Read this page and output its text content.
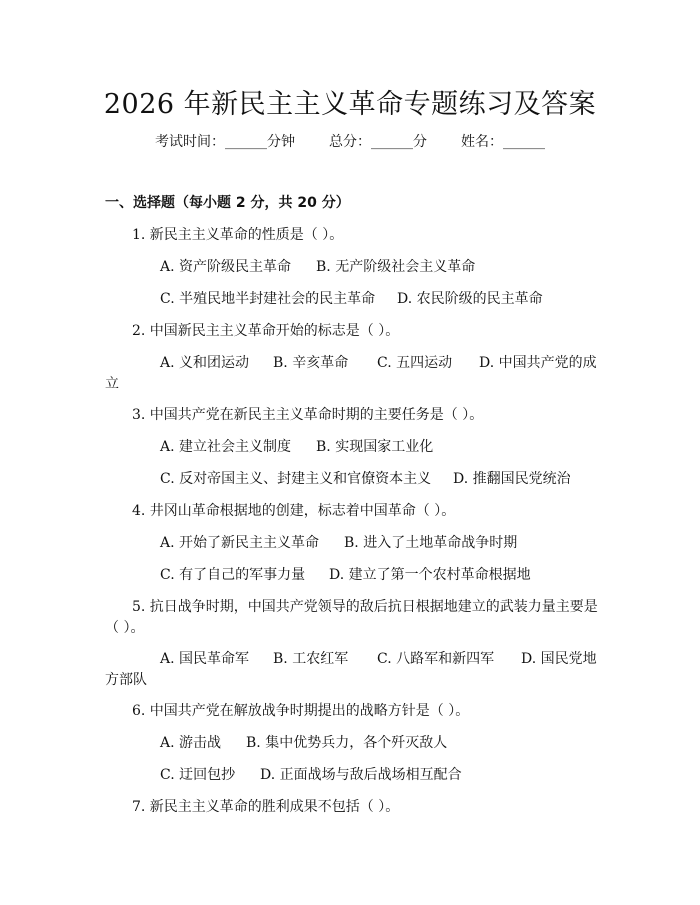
2026 年新民主主义革命专题练习及答案
考试时间：______分钟 总分：______分 姓名：______
一、选择题（每小题 2 分，共 20 分）
1. 新民主主义革命的性质是（ ）。
A. 资产阶级民主革命 B. 无产阶级社会主义革命
C. 半殖民地半封建社会的民主革命 D. 农民阶级的民主革命
2. 中国新民主主义革命开始的标志是（ ）。
A. 义和团运动 B. 辛亥革命 C. 五四运动 D. 中国共产党的成
立
3. 中国共产党在新民主主义革命时期的主要任务是（ ）。
A. 建立社会主义制度 B. 实现国家工业化
C. 反对帝国主义、封建主义和官僚资本主义 D. 推翻国民党统治
4. 井冈山革命根据地的创建，标志着中国革命（ ）。
A. 开始了新民主主义革命 B. 进入了土地革命战争时期
C. 有了自己的军事力量 D. 建立了第一个农村革命根据地
5. 抗日战争时期，中国共产党领导的敌后抗日根据地建立的武装力量主要是
（ ）。
A. 国民革命军 B. 工农红军 C. 八路军和新四军 D. 国民党地
方部队
6. 中国共产党在解放战争时期提出的战略方针是（ ）。
A. 游击战 B. 集中优势兵力，各个歼灭敌人
C. 迂回包抄 D. 正面战场与敌后战场相互配合
7. 新民主主义革命的胜利成果不包括（ ）。
